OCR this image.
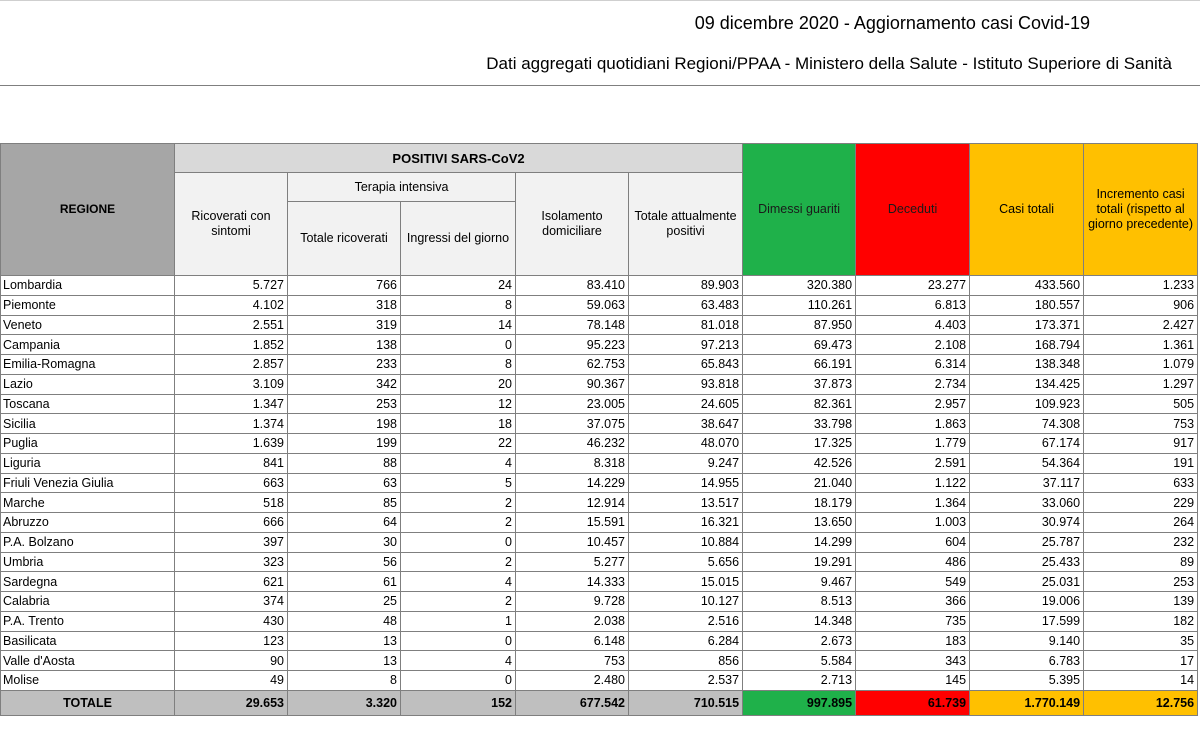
09 dicembre 2020 - Aggiornamento casi Covid-19
Dati aggregati quotidiani Regioni/PPAA - Ministero della Salute - Istituto Superiore di Sanità
REGIONE	POSITIVI SARS-CoV2					Dimessi guariti	Deceduti	Casi totali	Incremento casi totali (rispetto al giorno precedente)
	Ricoverati con sintomi	Terapia intensiva		Isolamento domiciliare	Totale attualmente positivi				
		Totale ricoverati	Ingressi del giorno						
Lombardia	5.727	766	24	83.410	89.903	320.380	23.277	433.560	1.233
Piemonte	4.102	318	8	59.063	63.483	110.261	6.813	180.557	906
Veneto	2.551	319	14	78.148	81.018	87.950	4.403	173.371	2.427
Campania	1.852	138	0	95.223	97.213	69.473	2.108	168.794	1.361
Emilia-Romagna	2.857	233	8	62.753	65.843	66.191	6.314	138.348	1.079
Lazio	3.109	342	20	90.367	93.818	37.873	2.734	134.425	1.297
Toscana	1.347	253	12	23.005	24.605	82.361	2.957	109.923	505
Sicilia	1.374	198	18	37.075	38.647	33.798	1.863	74.308	753
Puglia	1.639	199	22	46.232	48.070	17.325	1.779	67.174	917
Liguria	841	88	4	8.318	9.247	42.526	2.591	54.364	191
Friuli Venezia Giulia	663	63	5	14.229	14.955	21.040	1.122	37.117	633
Marche	518	85	2	12.914	13.517	18.179	1.364	33.060	229
Abruzzo	666	64	2	15.591	16.321	13.650	1.003	30.974	264
P.A. Bolzano	397	30	0	10.457	10.884	14.299	604	25.787	232
Umbria	323	56	2	5.277	5.656	19.291	486	25.433	89
Sardegna	621	61	4	14.333	15.015	9.467	549	25.031	253
Calabria	374	25	2	9.728	10.127	8.513	366	19.006	139
P.A. Trento	430	48	1	2.038	2.516	14.348	735	17.599	182
Basilicata	123	13	0	6.148	6.284	2.673	183	9.140	35
Valle d'Aosta	90	13	4	753	856	5.584	343	6.783	17
Molise	49	8	0	2.480	2.537	2.713	145	5.395	14
TOTALE	29.653	3.320	152	677.542	710.515	997.895	61.739	1.770.149	12.756
